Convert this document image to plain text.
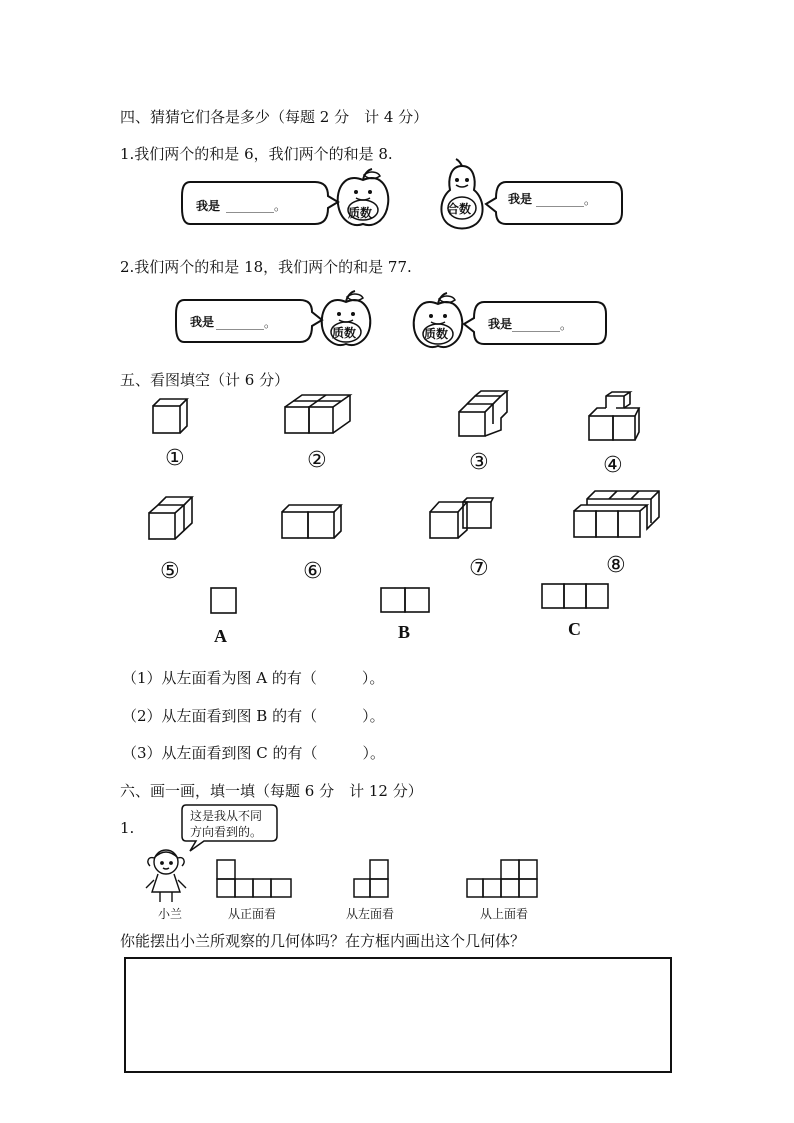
四、猜猜它们各是多少（每题 2 分　计 4 分）
1.我们两个的和是 6，我们两个的和是 8.
我是 ________。	质数	合数
我是 ________。
2.我们两个的和是 18，我们两个的和是 77.
我是 ________。
质数	质数
我是 ________。
五、看图填空（计 6 分）
①	②	③	④
⑤	⑥	⑦	⑧
A	B	C
（1）从左面看为图 A 的有（　　　）。
（2）从左面看到图 B 的有（　　　）。
（3）从左面看到图 C 的有（　　　）。
六、画一画，填一填（每题 6 分　计 12 分）
1.
这是我从不同
方向看到的。
小兰	从正面看	从左面看	从上面看
你能摆出小兰所观察的几何体吗？在方框内画出这个几何体？
